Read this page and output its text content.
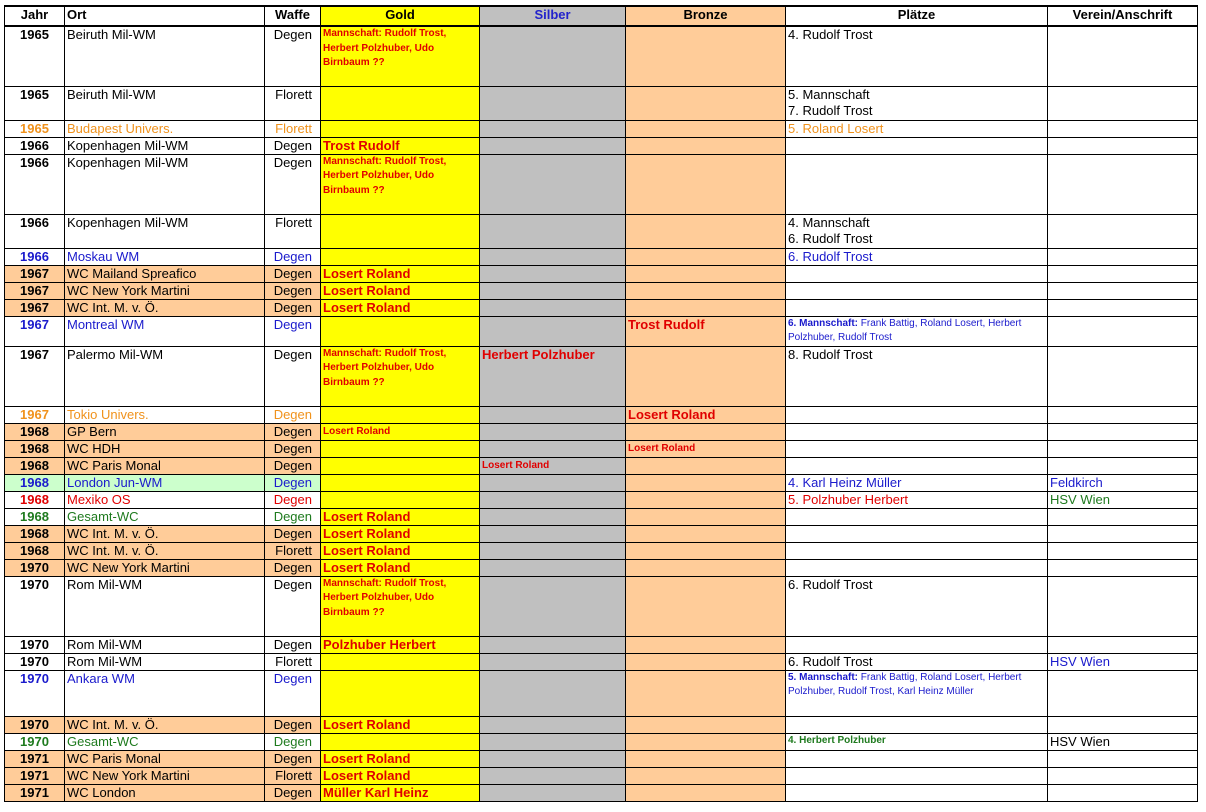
Jahr	Ort	Waffe	Gold	Silber	Bronze	Plätze	Verein/Anschrift
1965	Beiruth Mil-WM	Degen	Mannschaft: Rudolf Trost, Herbert Polzhuber, Udo Birnbaum ??			4. Rudolf Trost	

1965	Beiruth Mil-WM	Florett				5. Mannschaft
7. Rudolf Trost	

1965	Budapest Univers.	Florett				5. Roland Losert	

1966	Kopenhagen Mil-WM	Degen	Trost Rudolf				
1966	Kopenhagen Mil-WM	Degen	Mannschaft: Rudolf Trost, Herbert Polzhuber, Udo Birnbaum ??				
1966	Kopenhagen Mil-WM	Florett				4. Mannschaft
6. Rudolf Trost	

1966	Moskau WM	Degen				6. Rudolf Trost	

1967	WC Mailand Spreafico	Degen	Losert Roland				
1967	WC New York Martini	Degen	Losert Roland				
1967	WC Int. M. v. Ö.	Degen	Losert Roland				
1967	Montreal WM	Degen			Trost Rudolf	6. Mannschaft: Frank Battig, Roland Losert, Herbert Polzhuber, Rudolf Trost	
1967	Palermo Mil-WM	Degen	Mannschaft: Rudolf Trost, Herbert Polzhuber, Udo Birnbaum ??	Herbert Polzhuber		8. Rudolf Trost	

1967	Tokio Univers.	Degen			Losert Roland		
1968	GP Bern	Degen	Losert Roland				
1968	WC HDH	Degen			Losert Roland		
1968	WC Paris Monal	Degen		Losert Roland			
1968	London Jun-WM	Degen				4. Karl Heinz Müller	Feldkirch
1968	Mexiko OS	Degen				5. Polzhuber Herbert	HSV Wien
1968	Gesamt-WC	Degen	Losert Roland				
1968	WC Int. M. v. Ö.	Degen	Losert Roland				
1968	WC Int. M. v. Ö.	Florett	Losert Roland				
1970	WC New York Martini	Degen	Losert Roland				
1970	Rom Mil-WM	Degen	Mannschaft: Rudolf Trost, Herbert Polzhuber, Udo Birnbaum ??			6. Rudolf Trost	

1970	Rom Mil-WM	Degen	Polzhuber Herbert				
1970	Rom Mil-WM	Florett				6. Rudolf Trost	HSV Wien
1970	Ankara WM	Degen				5. Mannschaft: Frank Battig, Roland Losert, Herbert Polzhuber, Rudolf Trost, Karl Heinz Müller	
1970	WC Int. M. v. Ö.	Degen	Losert Roland				
1970	Gesamt-WC	Degen				4. Herbert Polzhuber	HSV Wien
1971	WC Paris Monal	Degen	Losert Roland				
1971	WC New York Martini	Florett	Losert Roland				
1971	WC London	Degen	Müller Karl Heinz				
